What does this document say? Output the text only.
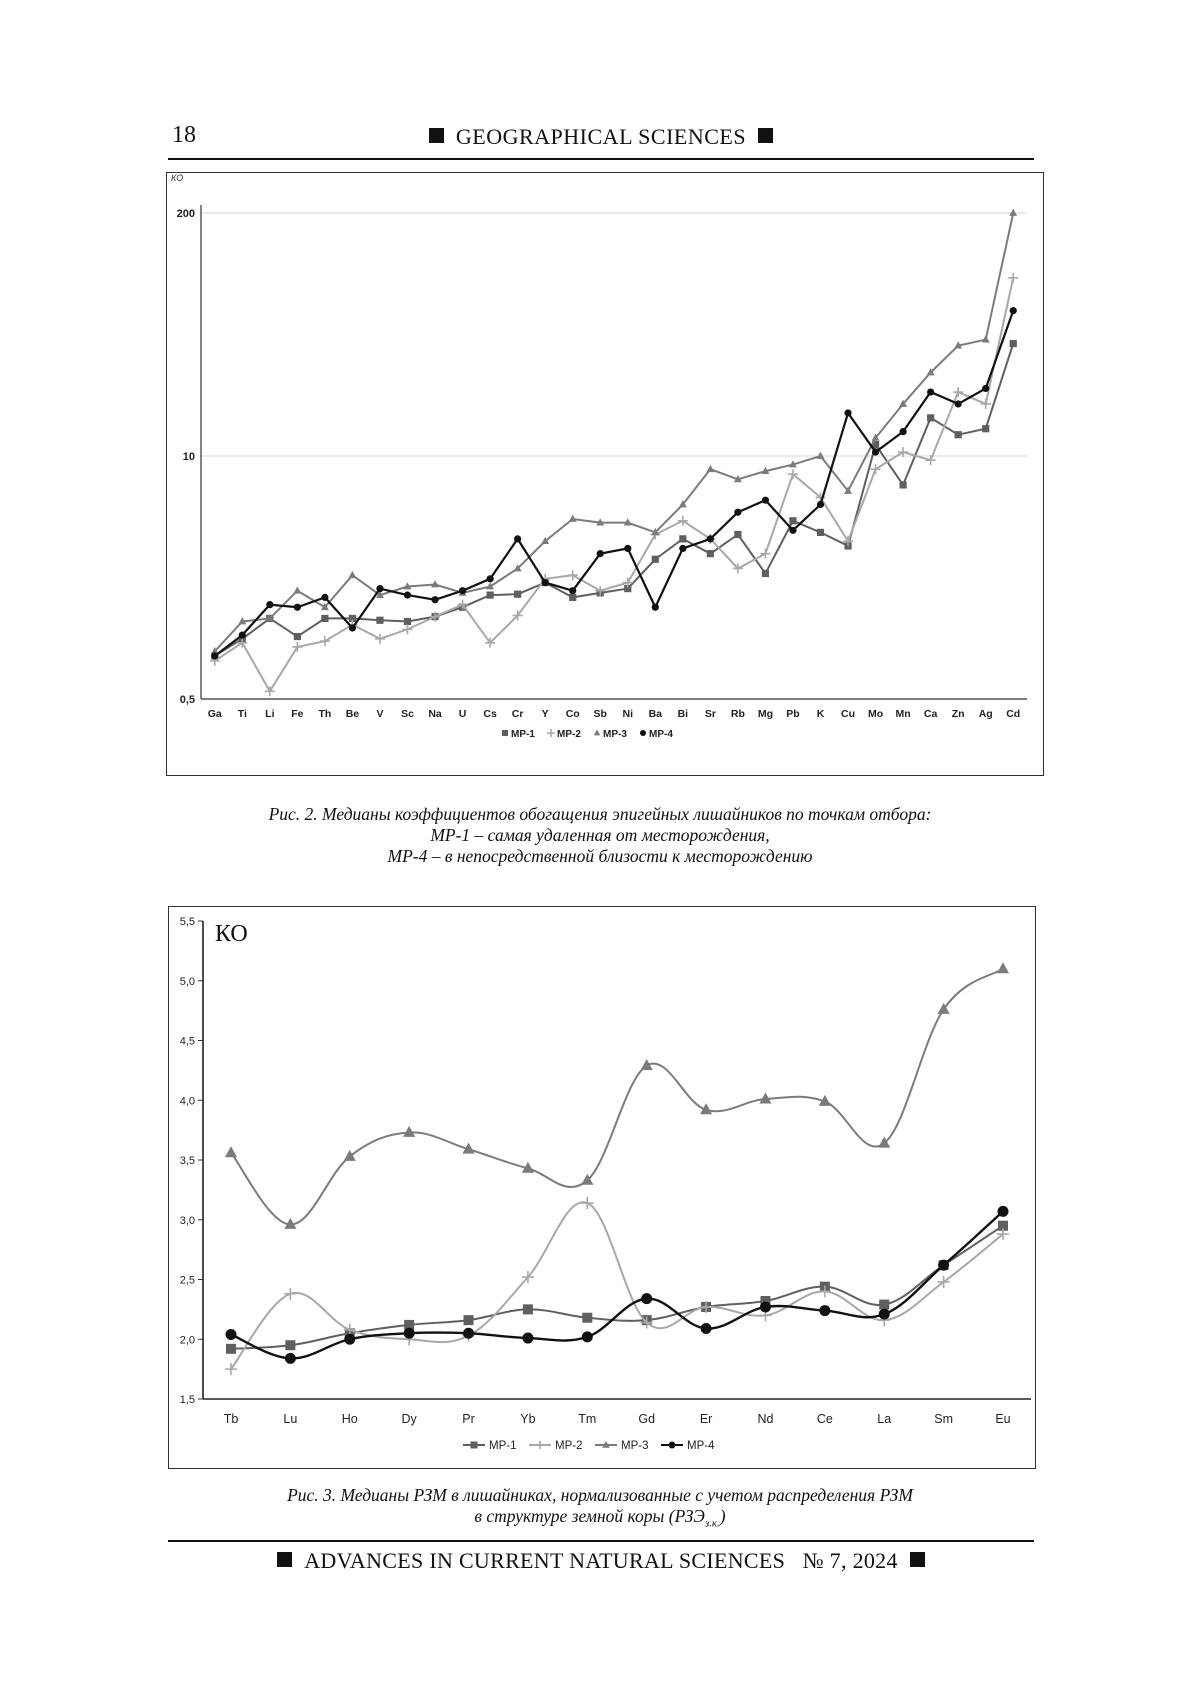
18	GEOGRAPHICAL SCIENCES
КО
0,5
10
200
Ga Ti Li Fe Th Be V Sc Na U Cs Cr Y Co Sb Ni Ba Bi Sr Rb Mg Pb K Cu Mo Mn Ca Zn Ag Cd
МР-1 МР-2 МР-3 МР-4
Рис. 2. Медианы коэффициентов обогащения эпигейных лишайников по точкам отбора:
МР-1 – самая удаленная от месторождения,
МР-4 – в непосредственной близости к месторождению
1,5
2,0
2,5
3,0
3,5
4,0
4,5
5,0
5,5 КО
Tb	Lu	Ho	Dy	Pr	Yb	Tm	Gd	Er	Nd	Ce	La	Sm	Eu
MP-1	MP-2	MP-3	MP-4
Рис. 3. Медианы РЗМ в лишайниках, нормализованные с учетом распределения РЗМ
в структуре земной коры $(РЗЭ_{з.к.})$
ADVANCES IN CURRENT NATURAL SCIENCES № 7, 2024
